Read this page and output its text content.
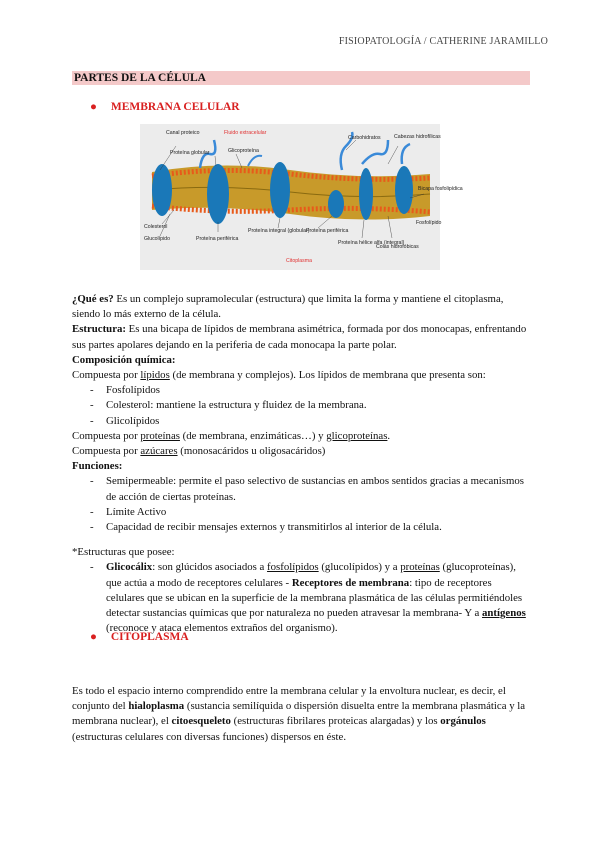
FISIOPATOLOGÍA / CATHERINE JARAMILLO
PARTES DE LA CÉLULA
● MEMBRANA CELULAR
Canal proteico	Fluido extracelular
Carbohidratos	Cabezas hidrofílicas
Proteína globular	Glicoproteína
Bicapa fosfolipídica
Colesterol
Fosfolípido
Glucolípido	Proteína periférica
Proteína integral (globular)
Proteína periférica
Proteína hélice alfa (integral)
Colas hidrofóbicas
Citoplasma

¿Qué es? Es un complejo supramolecular (estructura) que limita la forma y mantiene el citoplasma, siendo lo más externo de la célula.

Estructura: Es una bicapa de lípidos de membrana asimétrica, formada por dos monocapas, enfrentando sus partes apolares dejando en la periferia de cada monocapa la parte polar.

Composición química:

Compuesta por lípidos (de membrana y complejos). Los lípidos de membrana que presenta son:

- Fosfolípidos
- Colesterol: mantiene la estructura y fluidez de la membrana.
- Glicolípidos

Compuesta por proteínas (de membrana, enzimáticas…) y glicoproteínas.

Compuesta por azúcares (monosacáridos u oligosacáridos)

Funciones:

- Semipermeable: permite el paso selectivo de sustancias en ambos sentidos gracias a mecanismos de acción de ciertas proteínas.
- Límite Activo
- Capacidad de recibir mensajes externos y transmitirlos al interior de la célula.

*Estructuras que posee:

- Glicocálix: son glúcidos asociados a fosfolípidos (glucolípidos) y a proteínas (glucoproteínas), que actúa a modo de receptores celulares - Receptores de membrana: tipo de receptores celulares que se ubican en la superficie de la membrana plasmática de las células permitiéndoles detectar sustancias químicas que por naturaleza no pueden atravesar la membrana- Y a antígenos (reconoce y ataca elementos extraños del organismo).
● CITOPLASMA

Es todo el espacio interno comprendido entre la membrana celular y la envoltura nuclear, es decir, el conjunto del hialoplasma (sustancia semilíquida o dispersión disuelta entre la membrana plasmática y la membrana nuclear), el citoesqueleto (estructuras fibrilares proteicas alargadas) y los orgánulos (estructuras celulares con diversas funciones) dispersos en éste.
